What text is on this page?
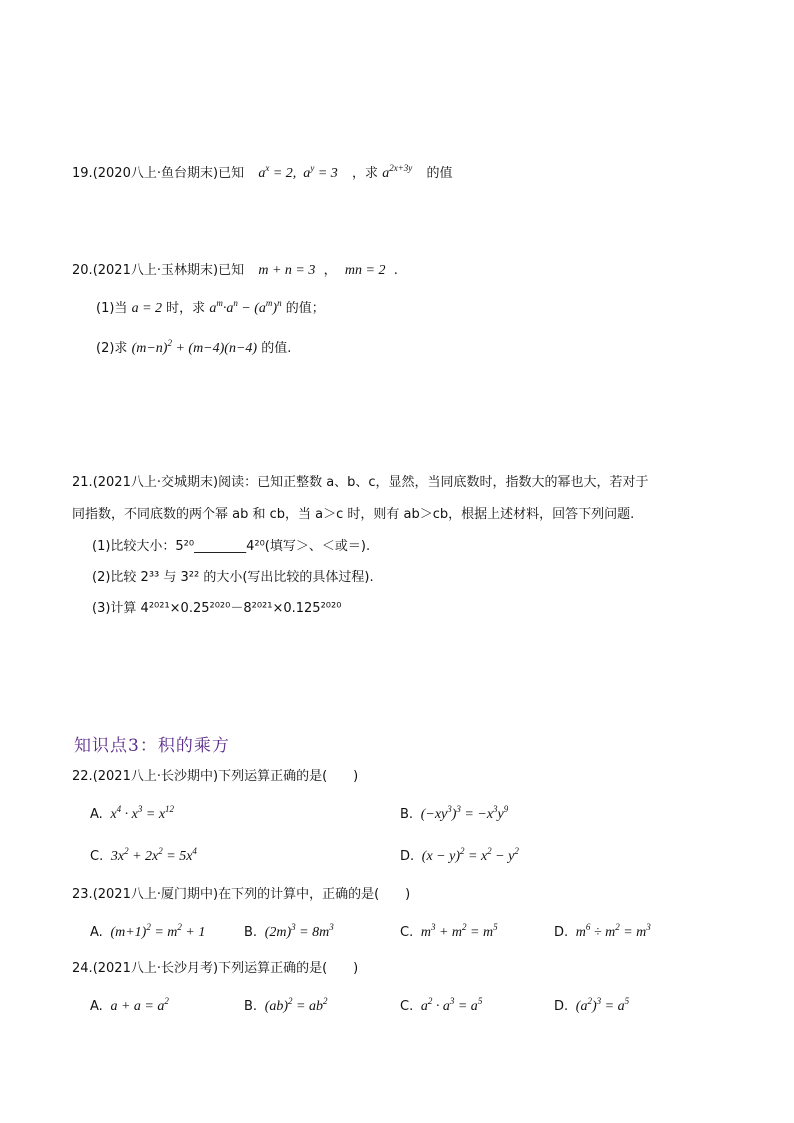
19.(2020八上·鱼台期末)已知 $a^x = 2$,  $a^y = 3$ ，求 $a^{2x+3y}$ 的值
20.(2021八上·玉林期末)已知 m + n = 3  ，  mn = 2  .
(1)当 a = 2 时，求 $a^m\cdot a^n - (a^m)^n$ 的值；
(2)求 $(m-n)^2 + (m-4)(n-4)$ 的值.
21.(2021八上·交城期末)阅读：已知正整数 a、b、c，显然，当同底数时，指数大的幂也大，若对于
同指数，不同底数的两个幂 ab 和 cb，当 a＞c 时，则有 ab＞cb，根据上述材料，回答下列问题.
(1)比较大小：5²⁰________4²⁰(填写＞、＜或＝).
(2)比较 2³³ 与 3²² 的大小(写出比较的具体过程).
(3)计算 4²⁰²¹×0.25²⁰²⁰－8²⁰²¹×0.125²⁰²⁰
知识点3：积的乘方
22.(2021八上·长沙期中)下列运算正确的是(　　)
A.  $x^4 \cdot x^3 = x^{12}$	B.  $(-xy^3)^3 = -x^3y^9$
C.  $3x^2 + 2x^2 = 5x^4$	D.  $(x - y)^2 = x^2 - y^2$
23.(2021八上·厦门期中)在下列的计算中，正确的是(　　)
A.  $(m+1)^2 = m^2 + 1$	B.  $(2m)^3 = 8m^3$	C.  $m^3 + m^2 = m^5$	D.  $m^6 \div m^2 = m^3$
24.(2021八上·长沙月考)下列运算正确的是(　　)
A.  $a + a = a^2$	B.  $(ab)^2 = ab^2$	C.  $a^2 \cdot a^3 = a^5$	D.  $(a^2)^3 = a^5$
